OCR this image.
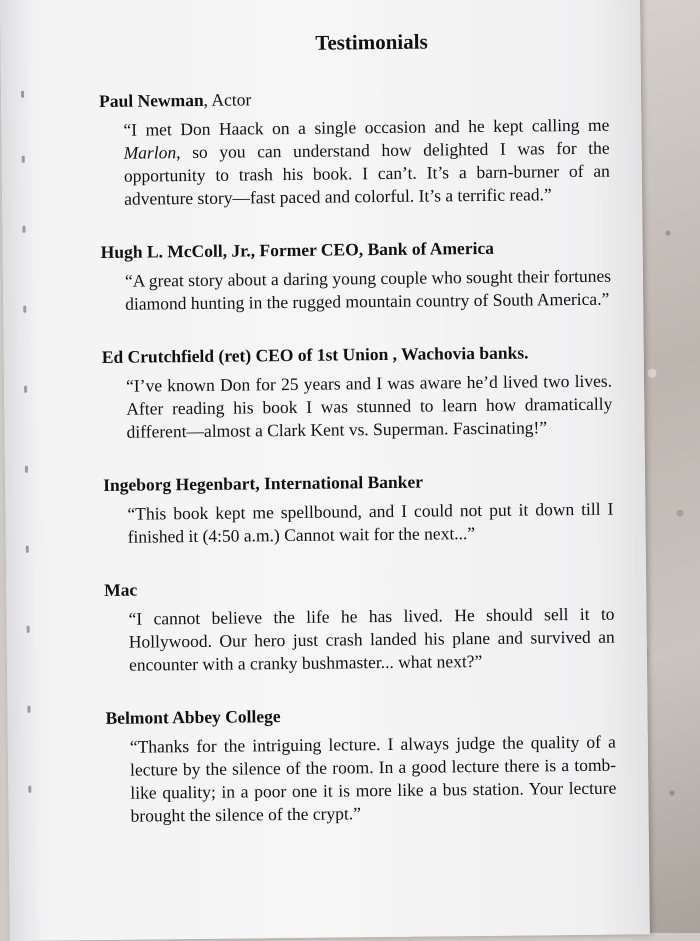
Testimonials

Paul Newman, Actor

“I met Don Haack on a single occasion and he kept calling me Marlon, so you can understand how delighted I was for the opportunity to trash his book. I can’t. It’s a barn-burner of an adventure story—fast paced and colorful. It’s a terrific read.”

Hugh L. McColl, Jr., Former CEO, Bank of America

“A great story about a daring young couple who sought their fortunes diamond hunting in the rugged mountain country of South America.”

Ed Crutchfield (ret) CEO of 1st Union , Wachovia banks.

“I’ve known Don for 25 years and I was aware he’d lived two lives. After reading his book I was stunned to learn how dramatically different—almost a Clark Kent vs. Superman. Fascinating!”

Ingeborg Hegenbart, International Banker

“This book kept me spellbound, and I could not put it down till I finished it (4:50 a.m.) Cannot wait for the next...”

Mac

“I cannot believe the life he has lived. He should sell it to Hollywood. Our hero just crash landed his plane and survived an encounter with a cranky bushmaster... what next?”

Belmont Abbey College

“Thanks for the intriguing lecture. I always judge the quality of a lecture by the silence of the room. In a good lecture there is a tomb-like quality; in a poor one it is more like a bus station. Your lecture brought the silence of the crypt.”
